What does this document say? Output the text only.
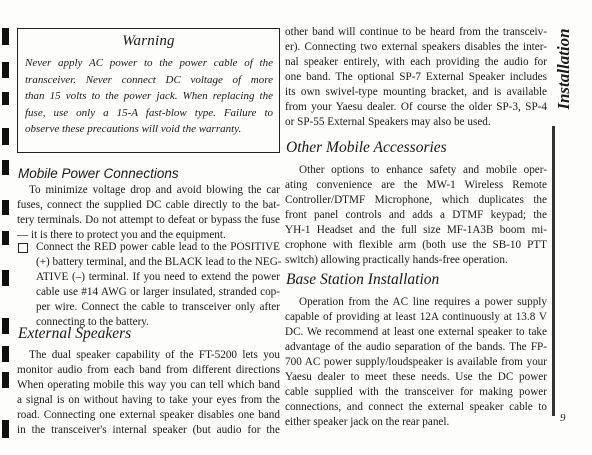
Warning
Never apply AC power to the power cable of the
transceiver. Never connect DC voltage of more
than 15 volts to the power jack. When replacing the
fuse, use only a 15-A fast-blow type. Failure to
observe these precautions will void the warranty.
Mobile Power Connections
To minimize voltage drop and avoid blowing the car
fuses, connect the supplied DC cable directly to the bat-
tery terminals. Do not attempt to defeat or bypass the fuse
— it is there to protect you and the equipment.
Connect the RED power cable lead to the POSITIVE
(+) battery terminal, and the BLACK lead to the NEG-
ATIVE (–) terminal. If you need to extend the power
cable use #14 AWG or larger insulated, stranded cop-
per wire. Connect the cable to transceiver only after
connecting to the battery.
External Speakers
The dual speaker capability of the FT-5200 lets you
monitor audio from each band from different directions
When operating mobile this way you can tell which band
a signal is on without having to take your eyes from the
road. Connecting one external speaker disables one band
in the transceiver's internal speaker (but audio for the
other band will continue to be heard from the transceiv-
er). Connecting two external speakers disables the inter-
nal speaker entirely, with each providing the audio for
one band. The optional SP-7 External Speaker includes
its own swivel-type mounting bracket, and is available
from your Yaesu dealer. Of course the older SP-3, SP-4
or SP-55 External Speakers may also be used.
Other Mobile Accessories
Other options to enhance safety and mobile oper-
ating convenience are the MW-1 Wireless Remote
Controller/DTMF Microphone, which duplicates the
front panel controls and adds a DTMF keypad; the
YH-1 Headset and the full size MF-1A3B boom mi-
crophone with flexible arm (both use the SB-10 PTT
switch) allowing practically hands-free operation.
Base Station Installation
Operation from the AC line requires a power supply
capable of providing at least 12A continuously at 13.8 V
DC. We recommend at least one external speaker to take
advantage of the audio separation of the bands. The FP-
700 AC power supply/loudspeaker is available from your
Yaesu dealer to meet these needs. Use the DC power
cable supplied with the transceiver for making power
connections, and connect the external speaker cable to
either speaker jack on the rear panel.
Installation
9
